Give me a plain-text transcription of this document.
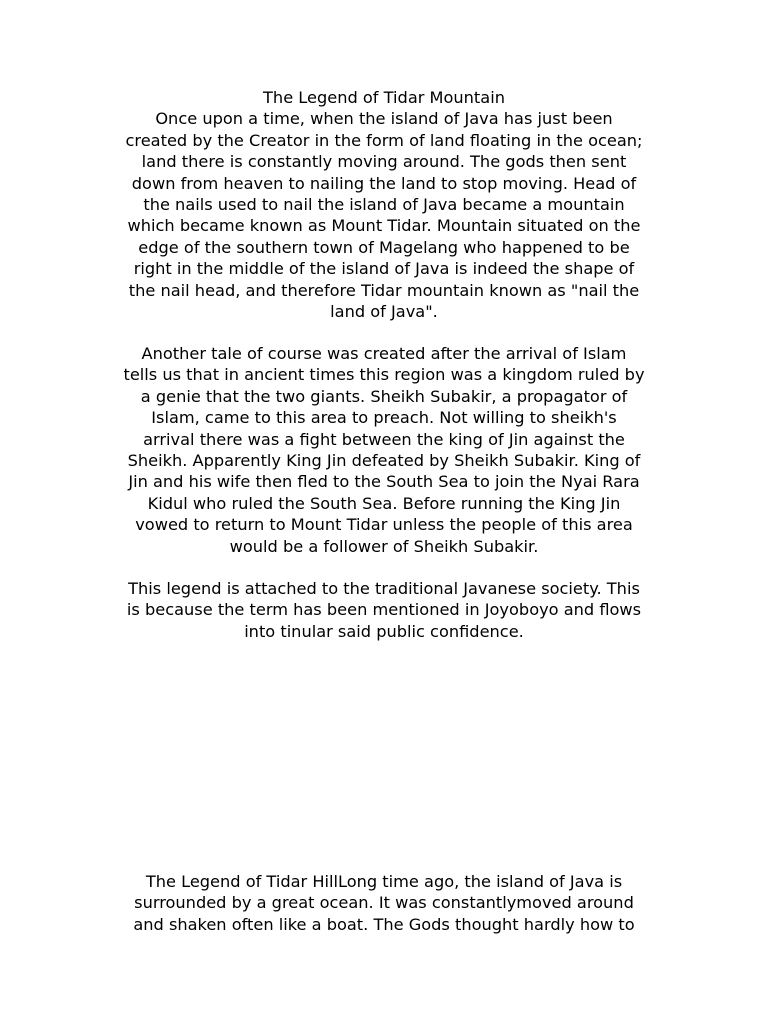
The Legend of Tidar Mountain
Once upon a time, when the island of Java has just been
created by the Creator in the form of land floating in the ocean;
land there is constantly moving around. The gods then sent
down from heaven to nailing the land to stop moving. Head of
the nails used to nail the island of Java became a mountain
which became known as Mount Tidar. Mountain situated on the
edge of the southern town of Magelang who happened to be
right in the middle of the island of Java is indeed the shape of
the nail head, and therefore Tidar mountain known as "nail the
land of Java".
Another tale of course was created after the arrival of Islam
tells us that in ancient times this region was a kingdom ruled by
a genie that the two giants. Sheikh Subakir, a propagator of
Islam, came to this area to preach. Not willing to sheikh's
arrival there was a fight between the king of Jin against the
Sheikh. Apparently King Jin defeated by Sheikh Subakir. King of
Jin and his wife then fled to the South Sea to join the Nyai Rara
Kidul who ruled the South Sea. Before running the King Jin
vowed to return to Mount Tidar unless the people of this area
would be a follower of Sheikh Subakir.
This legend is attached to the traditional Javanese society. This
is because the term has been mentioned in Joyoboyo and flows
into tinular said public confidence.
The Legend of Tidar HillLong time ago, the island of Java is
surrounded by a great ocean. It was constantlymoved around
and shaken often like a boat. The Gods thought hardly how to
